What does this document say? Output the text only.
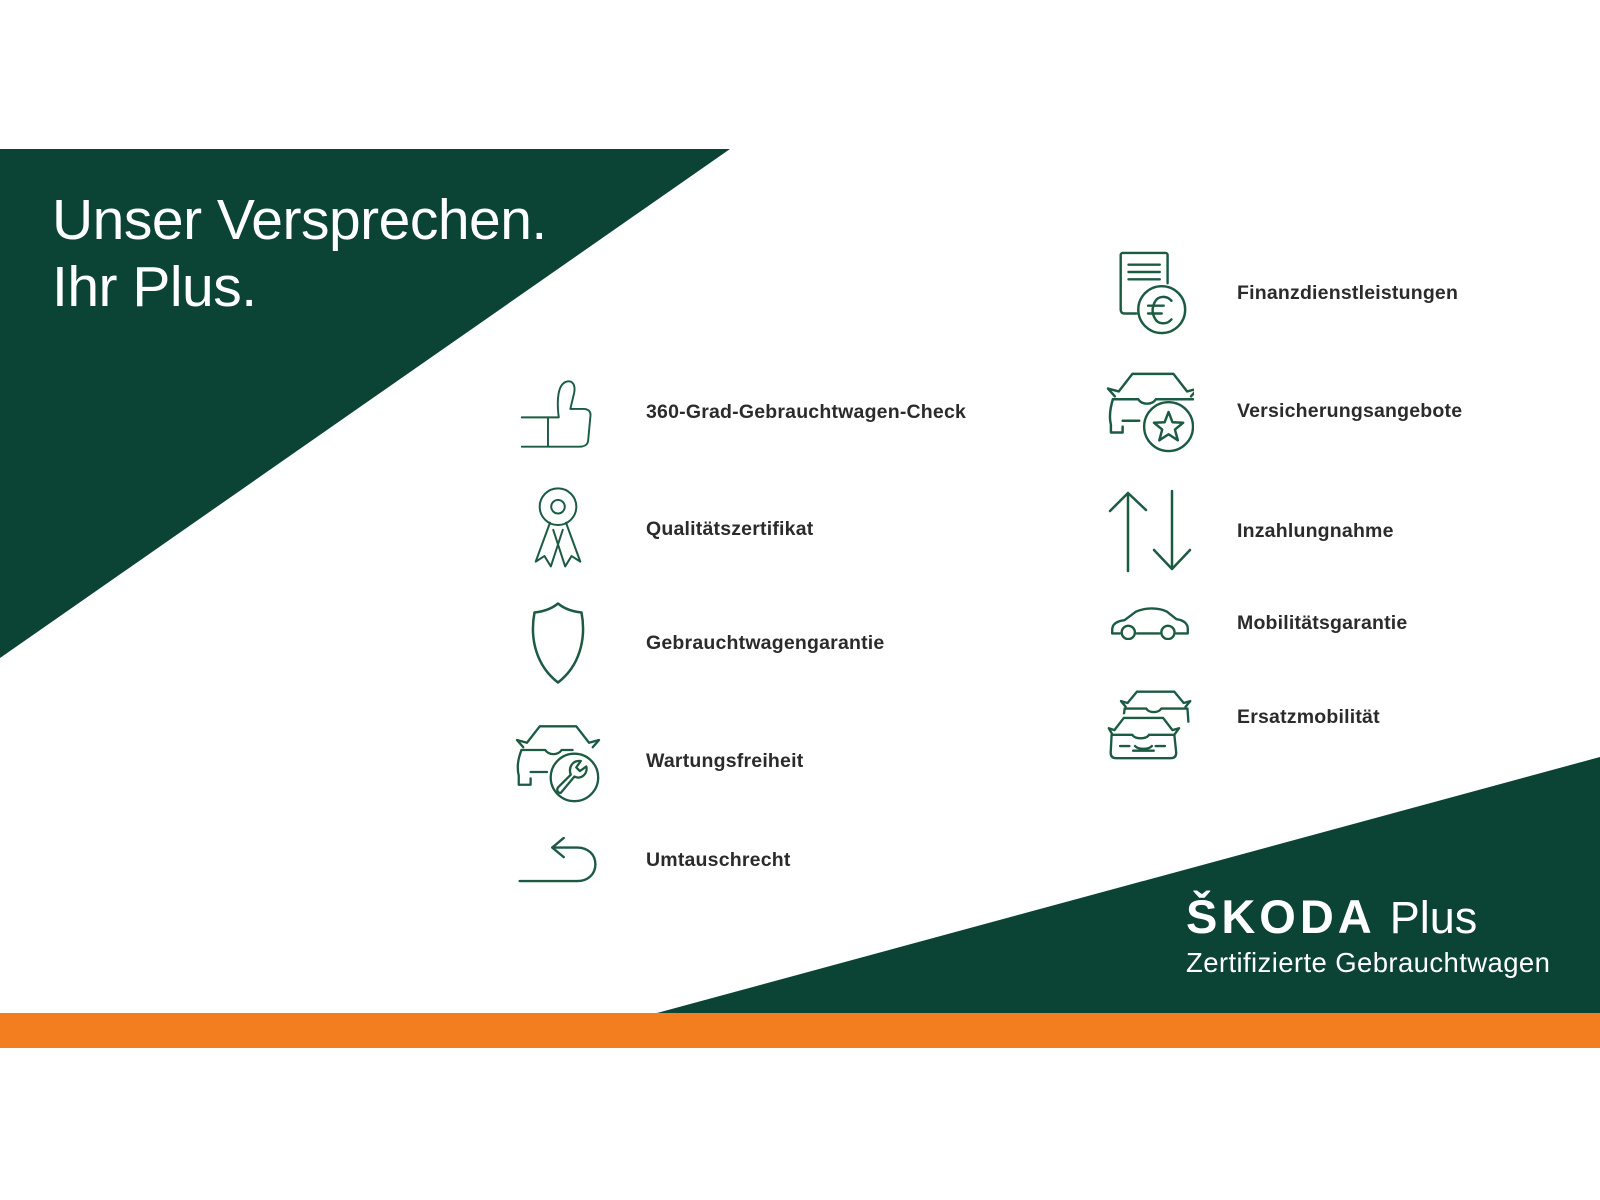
Unser Versprechen.
Ihr Plus.
360-Grad-Gebrauchtwagen-Check
Qualitätszertifikat
Gebrauchtwagengarantie
Wartungsfreiheit
Umtauschrecht
Finanzdienstleistungen
Versicherungsangebote
Inzahlungnahme
Mobilitätsgarantie
Ersatzmobilität
ŠKODA Plus
Zertifizierte Gebrauchtwagen
